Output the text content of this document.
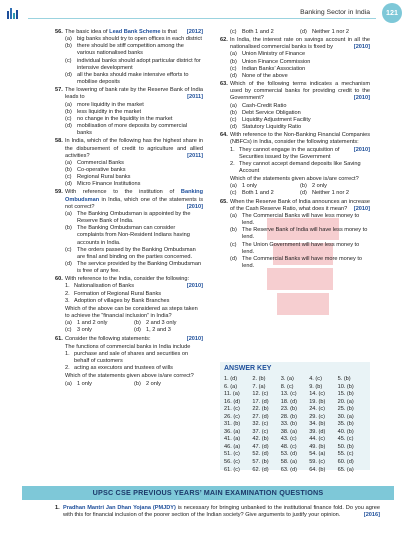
Banking Sector in India	121
56. The basic idea of Lead Bank Scheme is that [2012]
(a) big banks should try to open offices in each district
(b) there should be stiff competition among the various nationalised banks
(c) individual banks should adopt particular district for intensive development
(d) all the banks should make intensive efforts to mobilise deposits
57. The lowering of bank rate by the Reserve Bank of India leads to	[2011]
(a) more liquidity in the market
(b) less liquidity in the market
(c) no change in the liquidity in the market
(d) mobilisation of more deposits by commercial banks
58. In India, which of the following has the highest share in the disbursement of credit to agriculture and allied activities?	[2011]
(a) Commercial Banks
(b) Co-operative banks
(c) Regional Rural banks
(d) Micro Finance Institutions
59. With reference to the institution of Banking Ombudsman in India, which one of the statements is not correct?	[2010]
(a) The Banking Ombudsman is appointed by the Reserve Bank of India.
(b) The Banking Ombudsman can consider complaints from Non-Resident Indians having accounts in India.
(c) The orders passed by the Banking Ombudsman are final and binding on the parties concerned.
(d) The service provided by the Banking Ombudsman is free of any fee.
60. With reference to the India, consider the following:
[2010]
1. Nationalisation of Banks
2. Formation of Regional Rural Banks
3. Adoption of villages by Bank Branches
Which of the above can be considered as steps taken to achieve the “financial inclusion” in India?
(a) 1 and 2 only	(b) 2 and 3 only
(c) 3 only	(d) 1, 2 and 3
61. Consider the following statements:	[2010]
The functions of commercial banks in India include
1. purchase and sale of shares and securities on behalf of customers
2. acting as executors and trustees of wills
Which of the statements given above is/are correct?
(a) 1 only	(b) 2 only
(c) Both 1 and 2	(d) Neither 1 nor 2
62. In India, the interest rate on savings account in all the nationalised commercial banks is fixed by	[2010]
(a) Union Ministry of Finance
(b) Union Finance Commission
(c) Indian Banks’ Association
(d) None of the above
63. Which of the following terms indicates a mechanism used by commercial banks for providing credit to the Government?	[2010]
(a) Cash-Credit Ratio
(b) Debt Service Obligation
(c) Liquidity Adjustment Facility
(d) Statutory Liquidity Ratio
64. With reference to the Non-Banking Financial Companies (NBFCs) in India, consider the following statements:
[2010]
1. They cannot engage in the acquisition of Securities issued by the Government
2. They cannot accept demand deposits like Saving Account
Which of the statements given above is/are correct?
(a) 1 only	(b) 2 only
(c) Both 1 and 2	(d) Neither 1 nor 2
65. When the Reserve Bank of India announces an increase of the Cash Reserve Ratio, what does it mean? [2010]
(a) The Commercial Banks will have less money to lend.
(b) The Reserve Bank of India will have less money to lend.
(c) The Union Government will have less money to lend.
(d) The Commercial Banks will have more money to lend.
ANSWER KEY
1. (d)	2. (b)	3. (a)	4. (c)	5. (b)
6. (a)	7. (a)	8. (c)	9. (b)	10. (b)
11. (a)	12. (c)	13. (c)	14. (c)	15. (b)
16. (d)	17. (d)	18. (d)	19. (b)	20. (a)
21. (c)	22. (b)	23. (b)	24. (c)	25. (b)
26. (c)	27. (d)	28. (b)	29. (c)	30. (a)
31. (b)	32. (c)	33. (b)	34. (b)	35. (b)
36. (a)	37. (c)	38. (a)	39. (d)	40. (b)
41. (a)	42. (b)	43. (c)	44. (c)	45. (c)
46. (a)	47. (d)	48. (c)	49. (b)	50. (b)
51. (c)	52. (d)	53. (d)	54. (a)	55. (c)
56. (c)	57. (b)	58. (a)	59. (c)	60. (d)
61. (c)	62. (d)	63. (d)	64. (b)	65. (a)
UPSC CSE PREVIOUS YEARS’ MAIN EXAMINATION QUESTIONS
1. Pradhan Mantri Jan Dhan Yojana (PMJDY) is necessary for bringing unbanked to the institutional finance fold. Do you agree with this for financial inclusion of the poorer section of the Indian society? Give arguments to justify your opinion.	[2016]
